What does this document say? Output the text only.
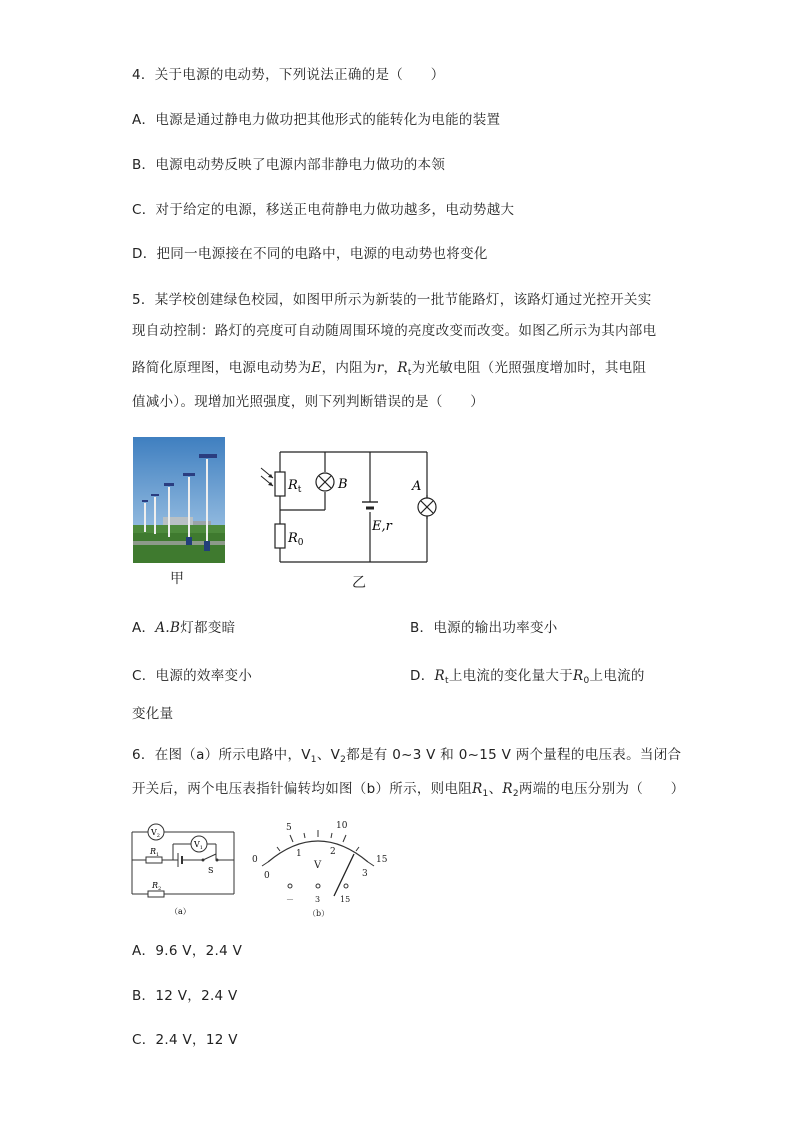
4．关于电源的电动势，下列说法正确的是（　　）
A．电源是通过静电力做功把其他形式的能转化为电能的装置
B．电源电动势反映了电源内部非静电力做功的本领
C．对于给定的电源，移送正电荷静电力做功越多，电动势越大
D．把同一电源接在不同的电路中，电源的电动势也将变化
5．某学校创建绿色校园，如图甲所示为新装的一批节能路灯，该路灯通过光控开关实
现自动控制：路灯的亮度可自动随周围环境的亮度改变而改变。如图乙所示为其内部电
路简化原理图，电源电动势为E，内阻为r，$R_t$为光敏电阻（光照强度增加时，其电阻
值减小）。现增加光照强度，则下列判断错误的是（　　）
甲
$R_t$
$R_0$
B	A
E,r
乙
A．A.B灯都变暗	B．电源的输出功率变小
C．电源的效率变小	D．$R_t$上电流的变化量大于$R_0$上电流的
变化量
6．在图（a）所示电路中，$V_1$、$V_2$都是有 0~3 V 和 0~15 V 两个量程的电压表。当闭合
开关后，两个电压表指针偏转均如图（b）所示，则电阻$R_1$、$R_2$两端的电压分别为（　　）
$V_2$
$V_1$
$R_1$
S
$R_2$
（a）
0
5	10
15
0
1	2
3
V
－	3 15
（b）
A．9.6 V，2.4 V
B．12 V，2.4 V
C．2.4 V，12 V
